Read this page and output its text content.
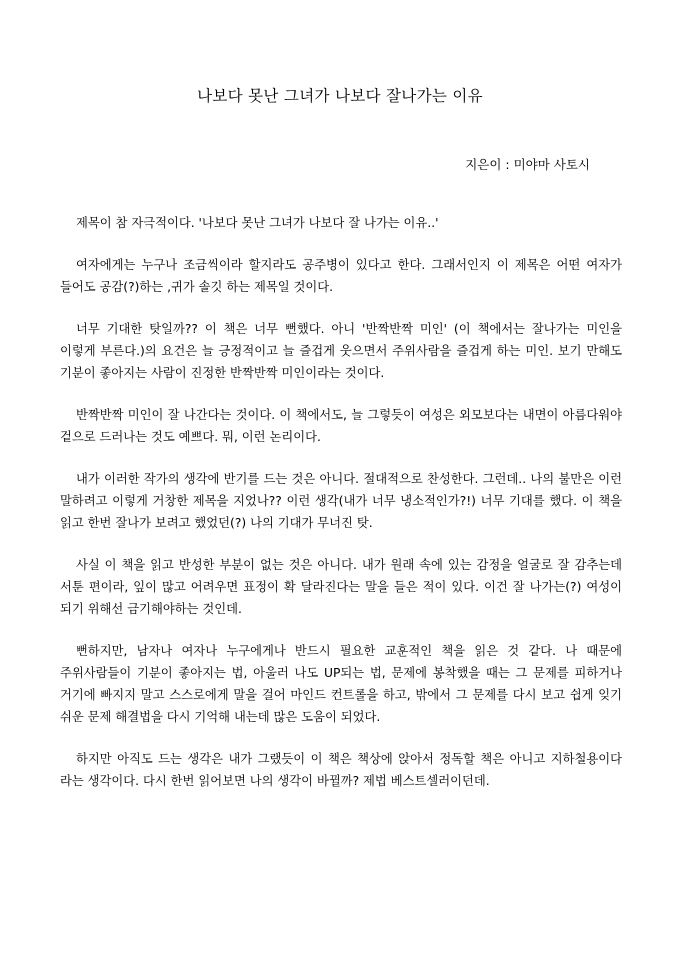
나보다 못난 그녀가 나보다 잘나가는 이유
지은이 : 미야마 사토시

제목이 참 자극적이다. '나보다 못난 그녀가 나보다 잘 나가는 이유..'

여자에게는 누구나 조금씩이라 할지라도 공주병이 있다고 한다. 그래서인지 이 제목은 어떤 여자가 들어도 공감(?)하는 ,귀가 솔깃 하는 제목일 것이다.

너무 기대한 탓일까?? 이 책은 너무 뻔했다. 아니 '반짝반짝 미인' (이 책에서는 잘나가는 미인을 이렇게 부른다.)의 요건은 늘 긍정적이고 늘 즐겁게 웃으면서 주위사람을 즐겁게 하는 미인. 보기 만해도 기분이 좋아지는 사람이 진정한 반짝반짝 미인이라는 것이다.

반짝반짝 미인이 잘 나간다는 것이다. 이 책에서도, 늘 그렇듯이 여성은 외모보다는 내면이 아름다워야 겉으로 드러나는 것도 예쁘다. 뭐, 이런 논리이다.

내가 이러한 작가의 생각에 반기를 드는 것은 아니다. 절대적으로 찬성한다. 그런데.. 나의 불만은 이런 말하려고 이렇게 거창한 제목을 지었나?? 이런 생각(내가 너무 냉소적인가?!) 너무 기대를 했다. 이 책을 읽고 한번 잘나가 보려고 했었던(?) 나의 기대가 무너진 탓.

사실 이 책을 읽고 반성한 부분이 없는 것은 아니다. 내가 원래 속에 있는 감정을 얼굴로 잘 감추는데 서툰 편이라, 잎이 많고 어려우면 표정이 확 달라진다는 말을 들은 적이 있다. 이건 잘 나가는(?) 여성이 되기 위해선 금기해야하는 것인데.

뻔하지만, 남자나 여자나 누구에게나 반드시 필요한 교훈적인 책을 읽은 것 같다. 나 때문에 주위사람들이 기분이 좋아지는 법, 아울러 나도 UP되는 법, 문제에 봉착했을 때는 그 문제를 피하거나 거기에 빠지지 말고 스스로에게 말을 걸어 마인드 컨트롤을 하고, 밖에서 그 문제를 다시 보고 쉽게 잊기 쉬운 문제 해결법을 다시 기억해 내는데 많은 도움이 되었다.

하지만 아직도 드는 생각은 내가 그랬듯이 이 책은 책상에 앉아서 정독할 책은 아니고 지하철용이다 라는 생각이다. 다시 한번 읽어보면 나의 생각이 바뀔까? 제법 베스트셀러이던데.
